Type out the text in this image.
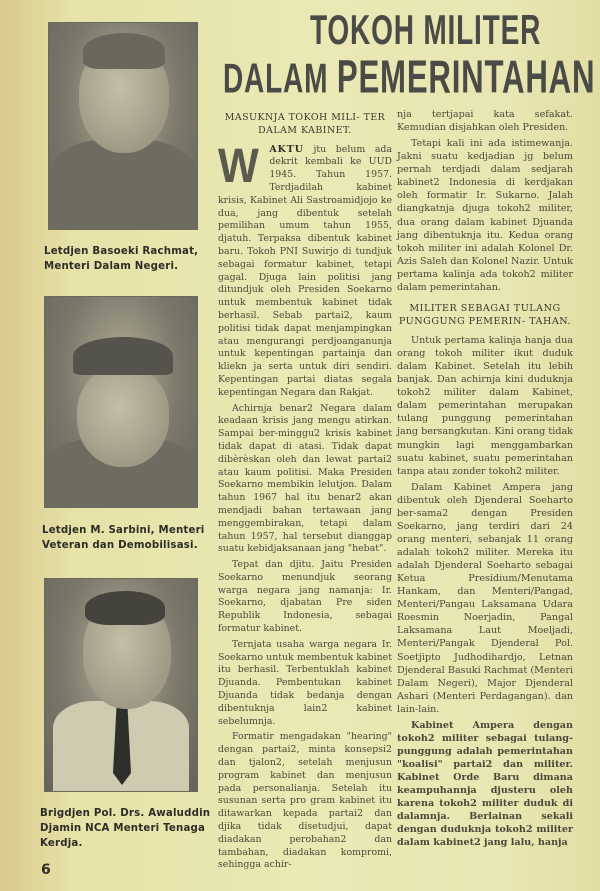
TOKOH MILITER
DALAM PEMERINTAHAN
Letdjen Basoeki Rachmat,
Menteri Dalam Negeri.
Letdjen M. Sarbini, Menteri
Veteran dan Demobilisasi.
Brigdjen Pol. Drs. Awaluddin
Djamin NCA Menteri Tenaga
Kerdja.
6
MASUKNJA TOKOH MILI- TER DALAM KABINET.

W AKTU jtu belum ada dekrit kembali ke UUD 1945. Tahun 1957. Terdjadilah kabinet krisis, Kabinet Ali Sastroamidjojo ke dua, jang dibentuk setelah pemilihan umum tahun 1955, djatuh. Terpaksa dibentuk kabinet baru. Tokoh PNI Suwirjo di tundjuk sebagai formatur kabinet, tetapi gagal. Djuga lain politisi jang ditundjuk oleh Presiden Soekarno untuk membentuk kabinet tidak berhasil. Sebab partai2, kaum politisi tidak dapat menjampingkan atau mengurangi perdjoanganunja untuk kepentingan partainja dan kliekn ja serta untuk diri sendiri. Kepentingan partai diatas segala kepentingan Negara dan Rakjat.

Achirnja benar2 Negara dalam keadaan krisis jang mengu atirkan. Sampai ber-minggu2 krisis kabinet tidak dapat di atasi. Tidak dapat dibèrèskan oleh dan lewat partai2 atau kaum politisi. Maka Presiden Soekarno membikin lelutjon. Dalam tahun 1967 hal itu benar2 akan mendjadi bahan tertawaan jang menggembirakan, tetapi dalam tahun 1957, hal tersebut dianggap suatu kebidjaksanaan jang "hebat".

Tepat dan djitu. Jaitu Presiden Soekarno menundjuk seorang warga negara jang namanja: Ir. Soekarno, djabatan Pre siden Republik Indonesia, sebagai formatur kabinet.

Ternjata usaha warga negara Ir. Soekarno untuk membentuk kabinet itu berhasil. Terbentuklah kabinet Djuanda. Pembentukan kabinet Djuanda tidak bedanja dengan dibentuknja lain2 kabinet sebelumnja.

Formatir mengadakan "hearing" dengan partai2, minta konsepsi2 dan tjalon2, setelah menjusun program kabinet dan menjusun pada personalianja. Setelah itu susunan serta pro gram kabinet itu ditawarkan kepada partai2 dan djika tidak disetudjui, dapat diadakan perobahan2 dan tambahan, diadakan kompromi, sehingga achir-

nja tertjapai kata sefakat. Kemudian disjahkan oleh Presiden.

Tetapi kali ini ada istimewanja. Jakni suatu kedjadian jg belum pernah terdjadi dalam sedjarah kabinet2 Indonesia di kerdjakan oleh formatir Ir. Sukarno. Jalah diangkatnja djuga tokoh2 militer, dua orang dalam kabinet Djuanda jang dibentuknja itu. Kedua orang tokoh militer ini adalah Kolonel Dr. Azis Saleh dan Kolonel Nazir. Untuk pertama kalinja ada tokoh2 militer dalam pemerintahan.

MILITER SEBAGAI TULANG PUNGGUNG PEMERIN- TAHAN.

Untuk pertama kalinja hanja dua orang tokoh militer ikut duduk dalam Kabinet. Setelah itu lebih banjak. Dan achirnja kini duduknja tokoh2 militer dalam Kabinet, dalam pemerintahan merupakan tulang punggung pemerintahan jang bersangkutan. Kini orang tidak mungkin lagi menggambarkan suatu kabinet, suatu pemerintahan tanpa atau zonder tokoh2 militer.

Dalam Kabinet Ampera jang dibentuk oleh Djenderal Soeharto ber-sama2 dengan Presiden Soekarno, jang terdiri dari 24 orang menteri, sebanjak 11 orang adalah tokoh2 militer. Mereka itu adalah Djenderal Soeharto sebagai Ketua Presidium/Menutama Hankam, dan Menteri/Pangad, Menteri/Pangau Laksamana Udara Roesmin Noerjadin, Pangal Laksamana Laut Moeljadi, Menteri/Pangak Djenderal Pol. Soetjipto Judhodihardjo, Letnan Djenderal Basuki Rachmat (Menteri Dalam Negeri), Major Djenderal Ashari (Menteri Perdagangan). dan lain-lain.

Kabinet Ampera dengan tokoh2 militer sebagai tulang-punggung adalah pemerintahan "koalisi" partai2 dan militer. Kabinet Orde Baru dimana keampuhannja djusteru oleh karena tokoh2 militer duduk di dalamnja. Berlainan sekali dengan duduknja tokoh2 militer dalam kabinet2 jang lalu, hanja
